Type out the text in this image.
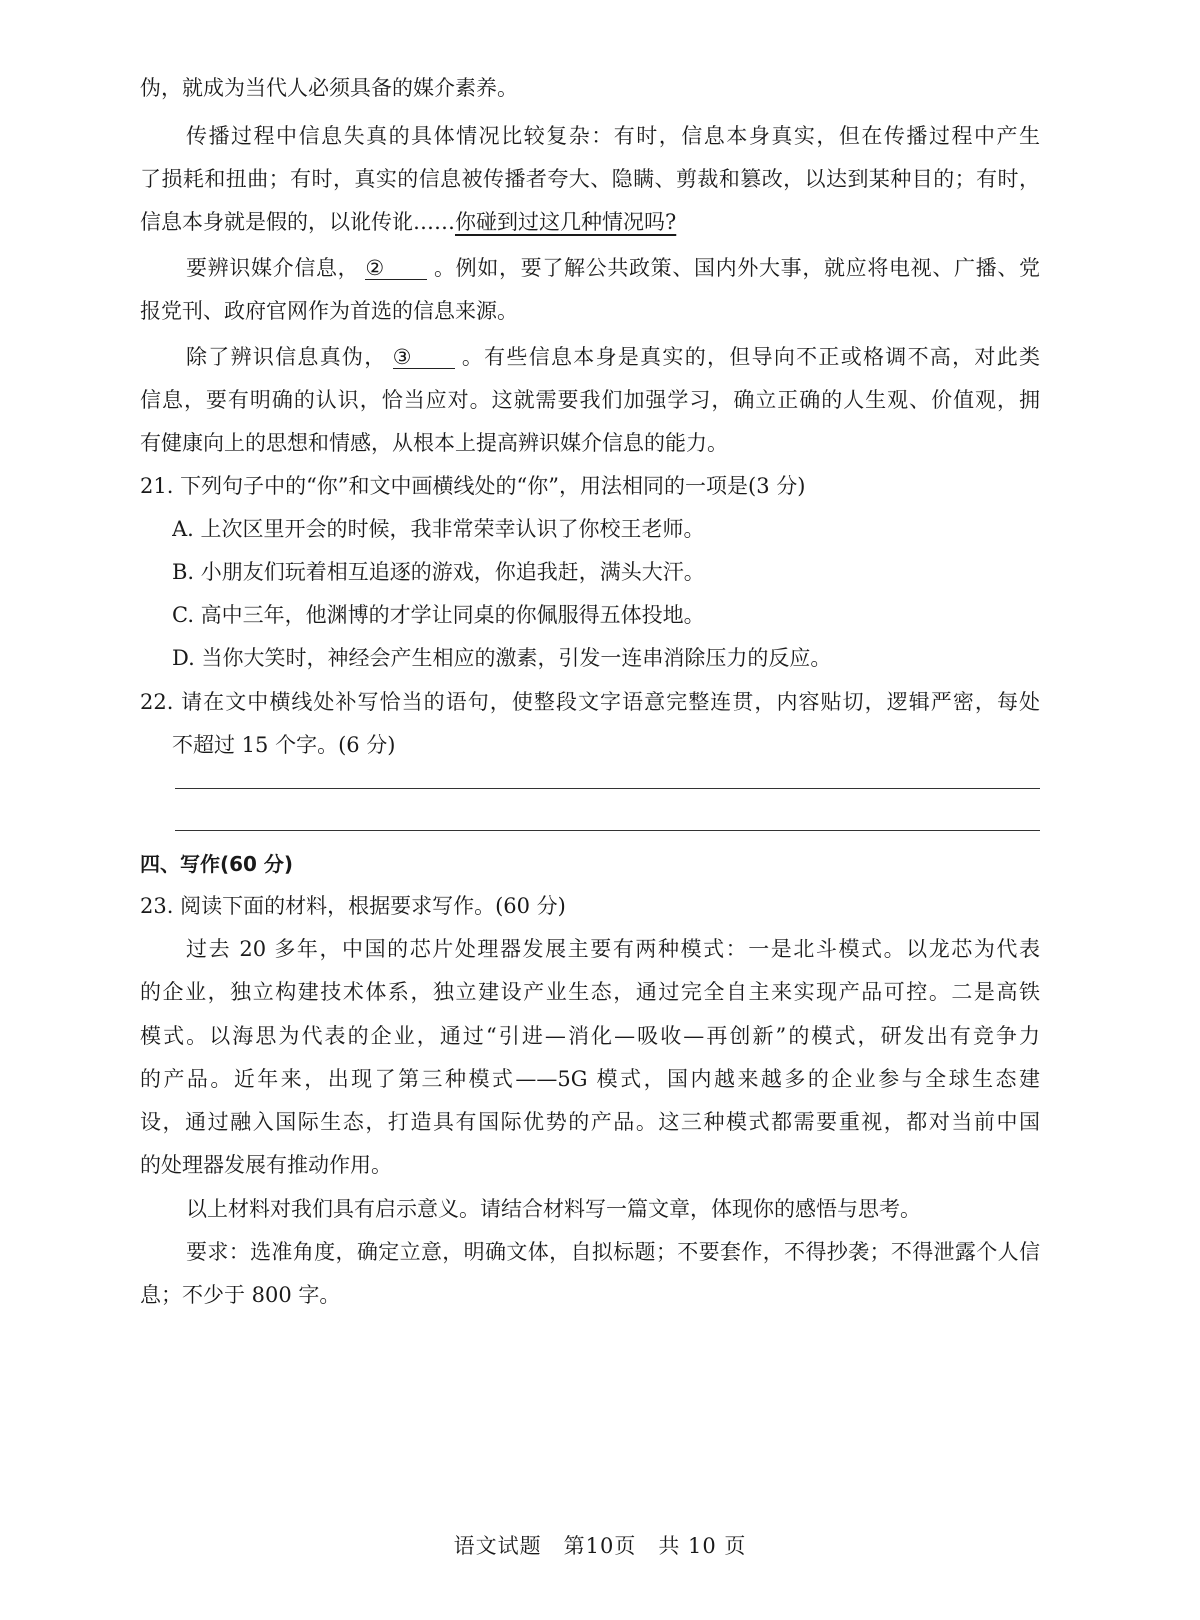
伪，就成为当代人必须具备的媒介素养。
传播过程中信息失真的具体情况比较复杂：有时，信息本身真实，但在传播过程中产生
了损耗和扭曲；有时，真实的信息被传播者夸大、隐瞒、剪裁和篡改，以达到某种目的；有时，
信息本身就是假的，以讹传讹……你碰到过这几种情况吗?
要辨识媒介信息， ② 。例如，要了解公共政策、国内外大事，就应将电视、广播、党
报党刊、政府官网作为首选的信息来源。
除了辨识信息真伪， ③ 。有些信息本身是真实的，但导向不正或格调不高，对此类
信息，要有明确的认识，恰当应对。这就需要我们加强学习，确立正确的人生观、价值观，拥
有健康向上的思想和情感，从根本上提高辨识媒介信息的能力。
21. 下列句子中的“你”和文中画横线处的“你”，用法相同的一项是(3 分)
A. 上次区里开会的时候，我非常荣幸认识了你校王老师。
B. 小朋友们玩着相互追逐的游戏，你追我赶，满头大汗。
C. 高中三年，他渊博的才学让同桌的你佩服得五体投地。
D. 当你大笑时，神经会产生相应的激素，引发一连串消除压力的反应。
22. 请在文中横线处补写恰当的语句，使整段文字语意完整连贯，内容贴切，逻辑严密，每处
不超过 15 个字。(6 分)
四、写作(60 分)
23. 阅读下面的材料，根据要求写作。(60 分)
过去 20 多年，中国的芯片处理器发展主要有两种模式：一是北斗模式。以龙芯为代表
的企业，独立构建技术体系，独立建设产业生态，通过完全自主来实现产品可控。二是高铁
模式。以海思为代表的企业，通过“引进—消化—吸收—再创新”的模式，研发出有竞争力
的产品。近年来，出现了第三种模式——5G 模式，国内越来越多的企业参与全球生态建
设，通过融入国际生态，打造具有国际优势的产品。这三种模式都需要重视，都对当前中国
的处理器发展有推动作用。
以上材料对我们具有启示意义。请结合材料写一篇文章，体现你的感悟与思考。
要求：选准角度，确定立意，明确文体，自拟标题；不要套作，不得抄袭；不得泄露个人信
息；不少于 800 字。
语文试题　第10页　共 10 页
